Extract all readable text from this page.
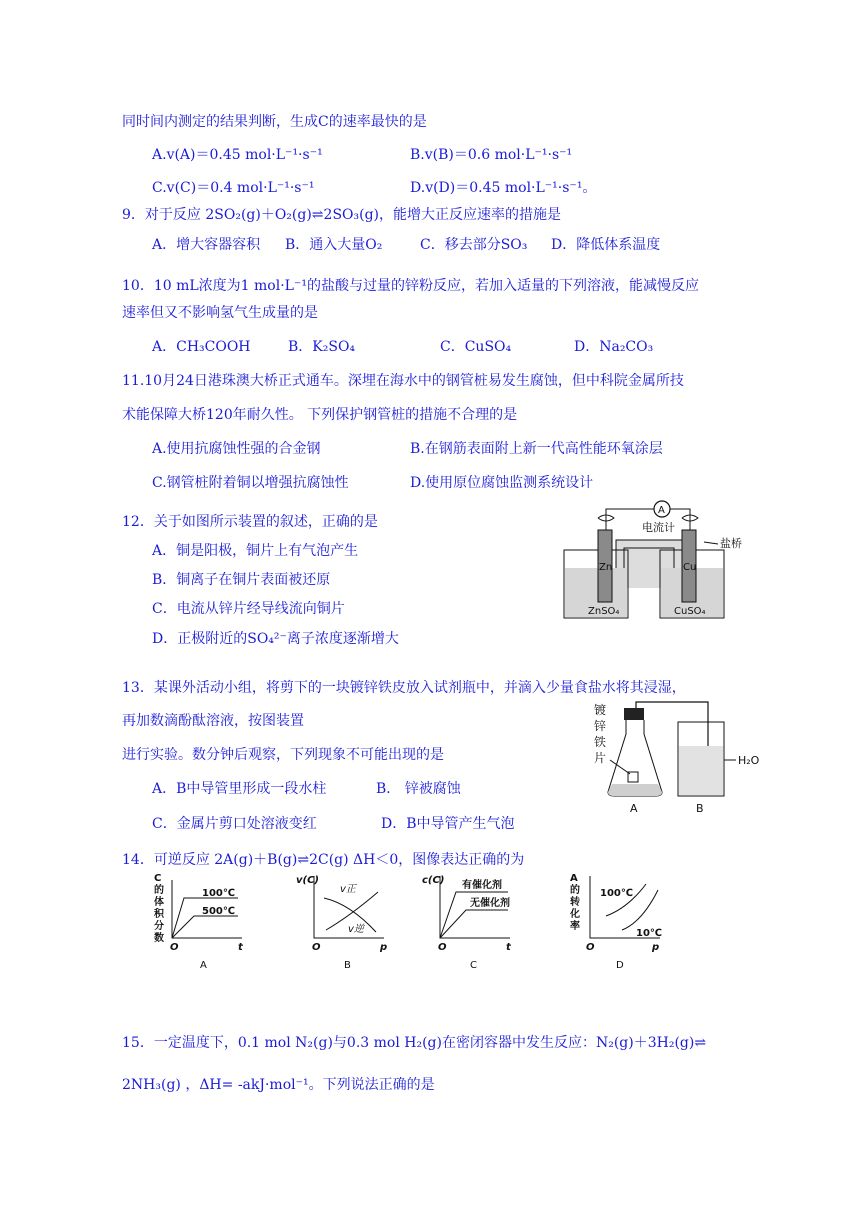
同时间内测定的结果判断，生成C的速率最快的是
A.v(A)＝0.45 mol·L⁻¹·s⁻¹	B.v(B)＝0.6 mol·L⁻¹·s⁻¹
C.v(C)＝0.4 mol·L⁻¹·s⁻¹	D.v(D)＝0.45 mol·L⁻¹·s⁻¹。
9．对于反应 2SO₂(g)＋O₂(g)⇌2SO₃(g)，能增大正反应速率的措施是
A．增大容器容积 B．通入大量O₂	C．移去部分SO₃ D．降低体系温度
10．10 mL浓度为1 mol·L⁻¹的盐酸与过量的锌粉反应，若加入适量的下列溶液，能减慢反应
速率但又不影响氢气生成量的是
A．CH₃COOH	B．K₂SO₄	C．CuSO₄	D．Na₂CO₃
11.10月24日港珠澳大桥正式通车。深埋在海水中的钢管桩易发生腐蚀，但中科院金属所技
术能保障大桥120年耐久性。 下列保护钢管桩的措施不合理的是
A.使用抗腐蚀性强的合金钢	B.在钢筋表面附上新一代高性能环氧涂层
C.钢管桩附着铜以增强抗腐蚀性	D.使用原位腐蚀监测系统设计
12．关于如图所示装置的叙述，正确的是
A．铜是阳极，铜片上有气泡产生
B．铜离子在铜片表面被还原
C．电流从锌片经导线流向铜片
D．正极附近的SO₄²⁻离子浓度逐渐增大
A
电流计
盐桥
Zn	Cu
ZnSO₄	CuSO₄
13．某课外活动小组，将剪下的一块镀锌铁皮放入试剂瓶中，并滴入少量食盐水将其浸湿，
再加数滴酚酞溶液，按图装置
进行实验。数分钟后观察，下列现象不可能出现的是
A．B中导管里形成一段水柱	B． 锌被腐蚀
C．金属片剪口处溶液变红	D．B中导管产生气泡
镀
锌
铁
片	H₂O
A	B
14．可逆反应 2A(g)＋B(g)⇌2C(g) ΔH＜0，图像表达正确的为
C
的
体
积
分
数
100℃
500℃
O	t
A
v(C)
v正
v逆
O	p
B
c(C) 有催化剂
无催化剂
O	t
C
A
的
转
化
率
100℃
10℃
O	p
D
15．一定温度下，0.1 mol N₂(g)与0.3 mol H₂(g)在密闭容器中发生反应：N₂(g)＋3H₂(g)⇌
2NH₃(g) ，ΔH= -akJ·mol⁻¹。下列说法正确的是
